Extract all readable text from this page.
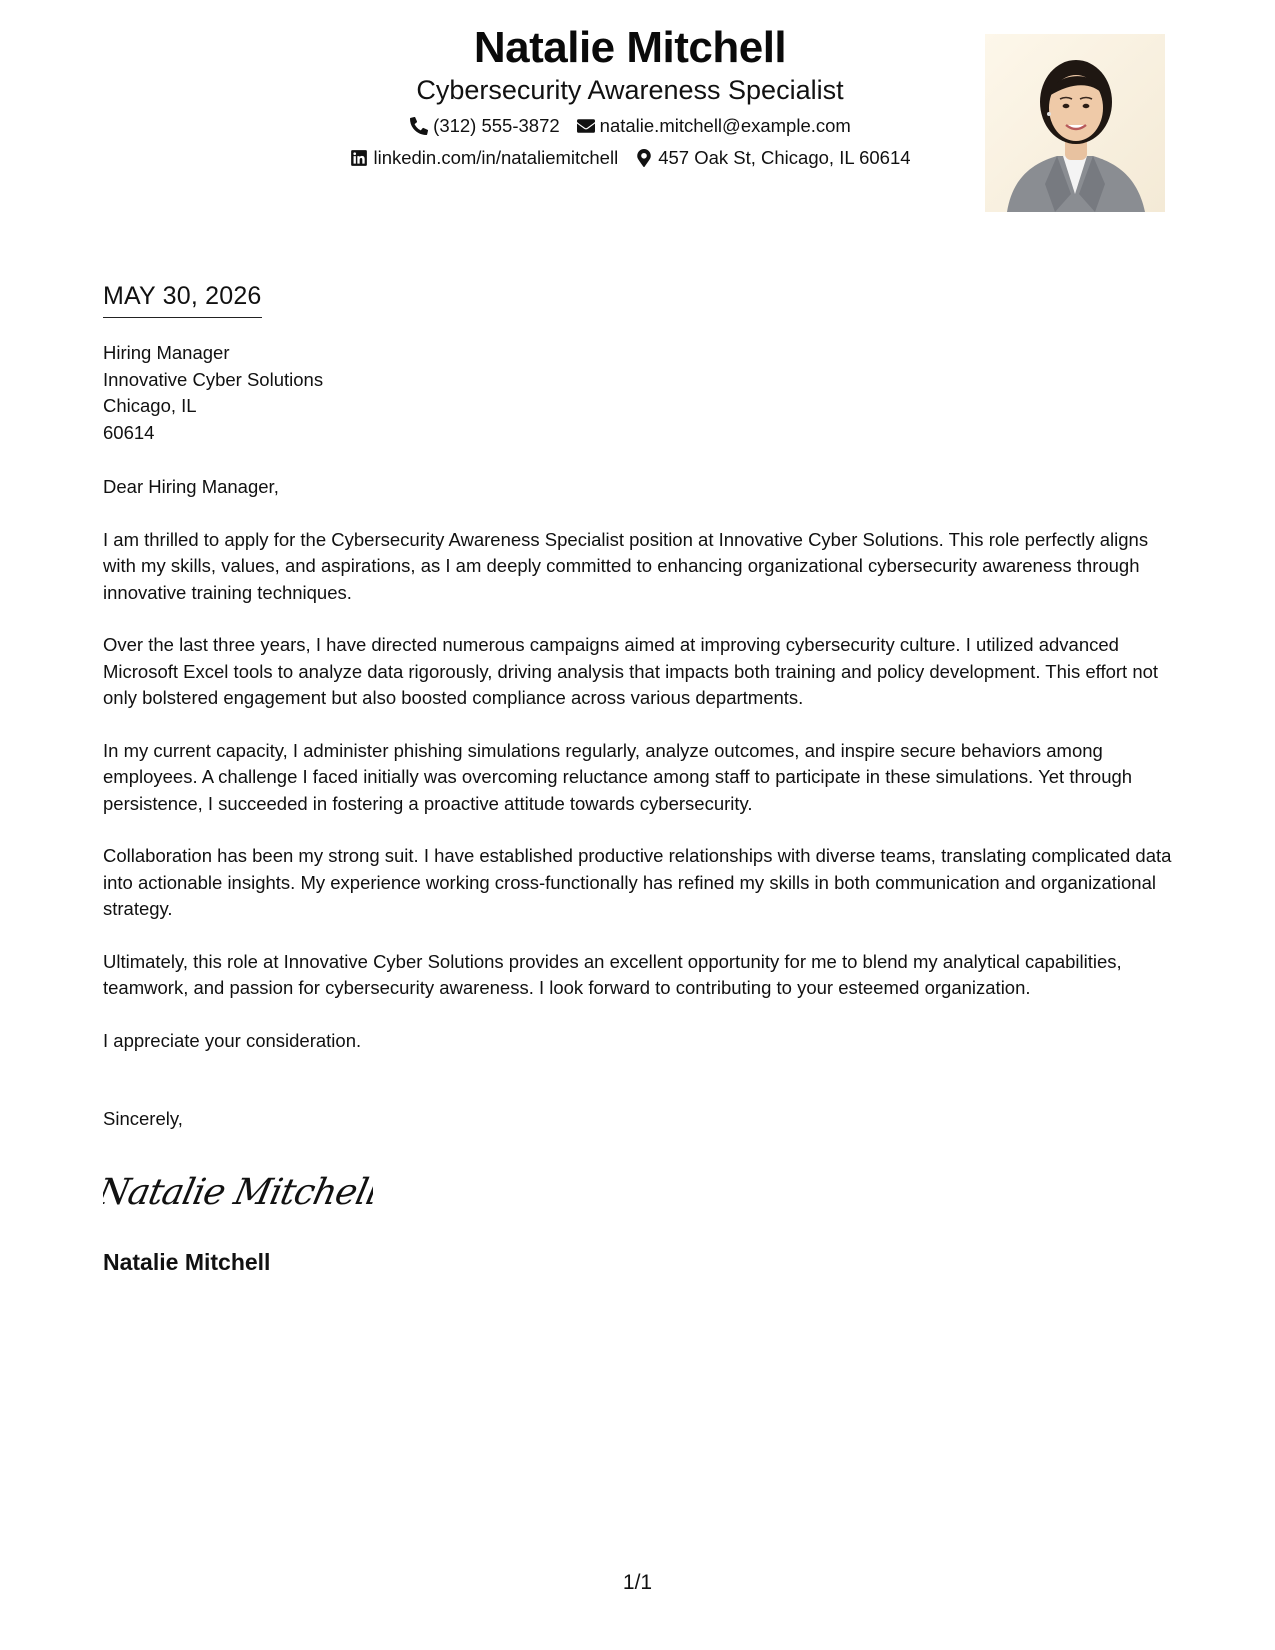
Natalie Mitchell
Cybersecurity Awareness Specialist
(312) 555-3872 natalie.mitchell@example.com
linkedin.com/in/nataliemitchell 457 Oak St, Chicago, IL 60614
MAY 30, 2026
Hiring Manager
Innovative Cyber Solutions
Chicago, IL
60614

Dear Hiring Manager,

I am thrilled to apply for the Cybersecurity Awareness Specialist position at Innovative Cyber Solutions. This role perfectly aligns with my skills, values, and aspirations, as I am deeply committed to enhancing organizational cybersecurity awareness through innovative training techniques.

Over the last three years, I have directed numerous campaigns aimed at improving cybersecurity culture. I utilized advanced Microsoft Excel tools to analyze data rigorously, driving analysis that impacts both training and policy development. This effort not only bolstered engagement but also boosted compliance across various departments.

In my current capacity, I administer phishing simulations regularly, analyze outcomes, and inspire secure behaviors among employees. A challenge I faced initially was overcoming reluctance among staff to participate in these simulations. Yet through persistence, I succeeded in fostering a proactive attitude towards cybersecurity.

Collaboration has been my strong suit. I have established productive relationships with diverse teams, translating complicated data into actionable insights. My experience working cross-functionally has refined my skills in both communication and organizational strategy.

Ultimately, this role at Innovative Cyber Solutions provides an excellent opportunity for me to blend my analytical capabilities, teamwork, and passion for cybersecurity awareness. I look forward to contributing to your esteemed organization.

I appreciate your consideration.

Sincerely,
Natalie Mitchell
Natalie Mitchell
1/1
